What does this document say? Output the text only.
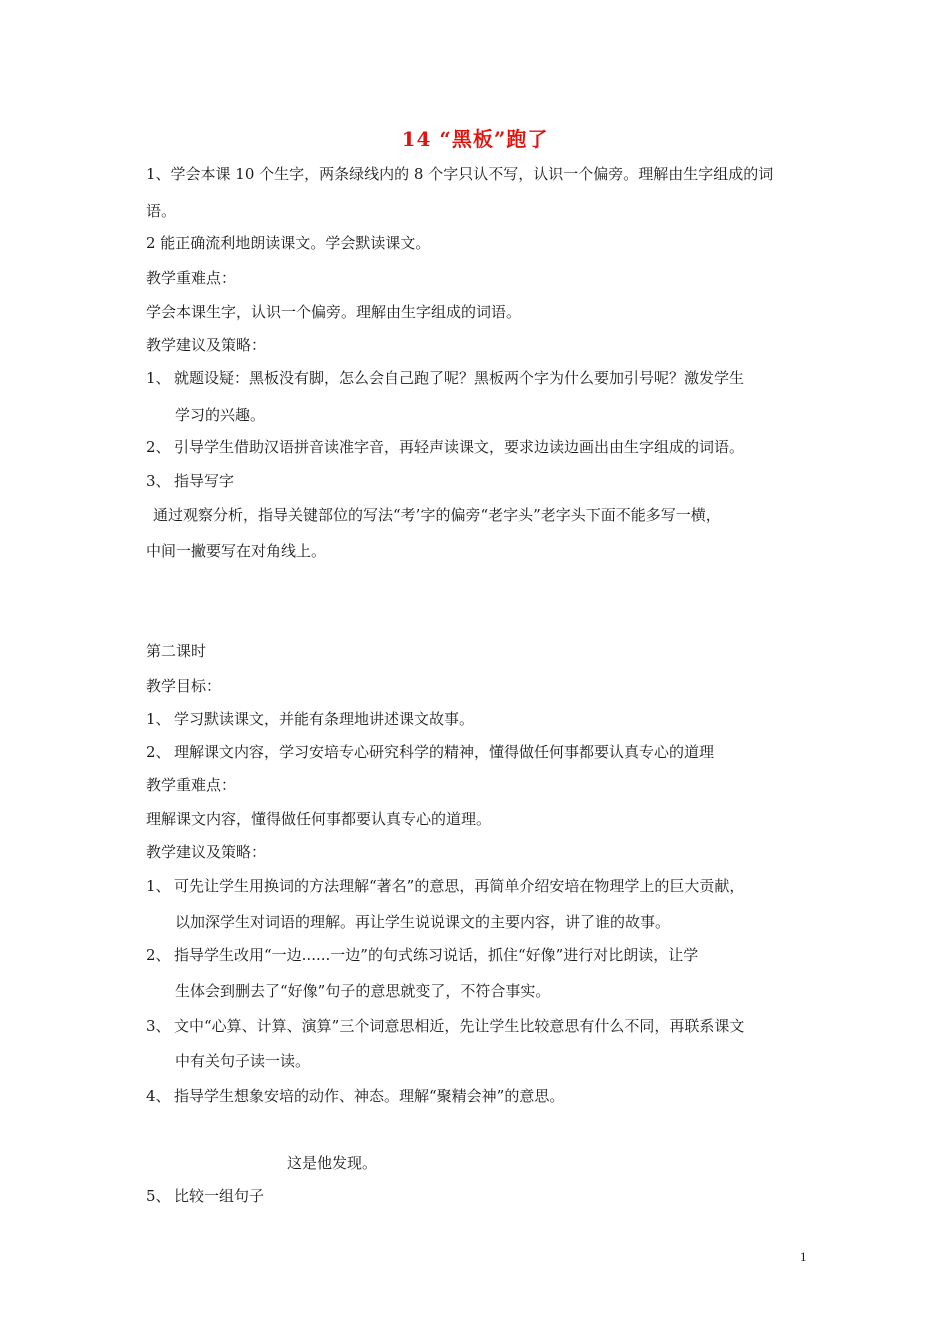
14 “黑板”跑了
1、学会本课 10 个生字，两条绿线内的 8 个字只认不写，认识一个偏旁。理解由生字组成的词
语。
2 能正确流利地朗读课文。学会默读课文。
教学重难点：
学会本课生字，认识一个偏旁。理解由生字组成的词语。
教学建议及策略：
1、 就题设疑：黑板没有脚，怎么会自己跑了呢？黑板两个字为什么要加引号呢？激发学生
学习的兴趣。
2、 引导学生借助汉语拼音读准字音，再轻声读课文，要求边读边画出由生字组成的词语。
3、 指导写字
通过观察分析，指导关键部位的写法“考’字的偏旁“老字头”老字头下面不能多写一横，
中间一撇要写在对角线上。
第二课时
教学目标：
1、 学习默读课文，并能有条理地讲述课文故事。
2、 理解课文内容，学习安培专心研究科学的精神，懂得做任何事都要认真专心的道理
教学重难点：
理解课文内容，懂得做任何事都要认真专心的道理。
教学建议及策略：
1、 可先让学生用换词的方法理解“著名”的意思，再简单介绍安培在物理学上的巨大贡献，
以加深学生对词语的理解。再让学生说说课文的主要内容，讲了谁的故事。
2、 指导学生改用“一边......一边”的句式练习说话，抓住“好像”进行对比朗读，让学
生体会到删去了“好像”句子的意思就变了，不符合事实。
3、 文中“心算、计算、演算”三个词意思相近，先让学生比较意思有什么不同，再联系课文
中有关句子读一读。
4、 指导学生想象安培的动作、神态。理解“聚精会神”的意思。
这是他发现。
5、 比较一组句子
1
